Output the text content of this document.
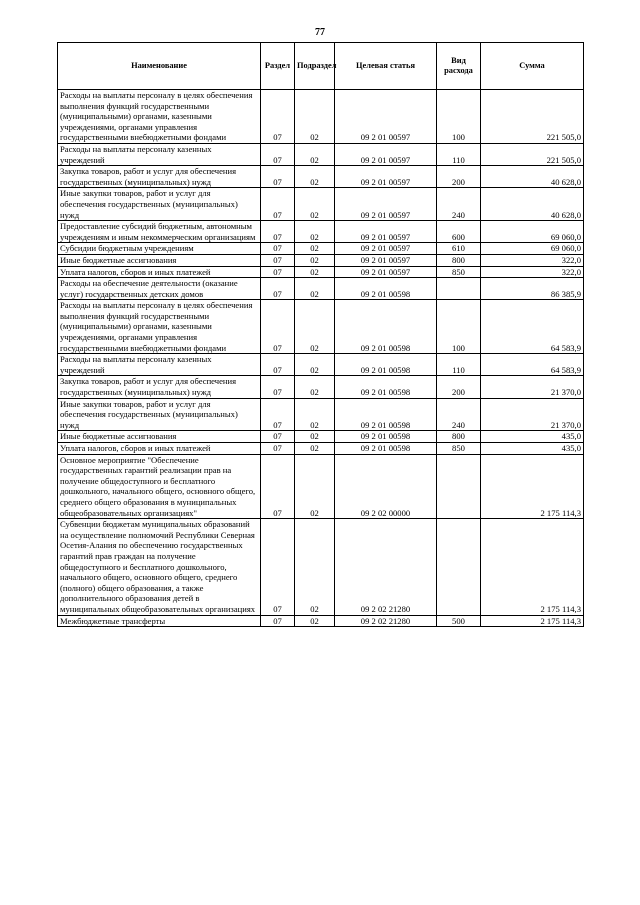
77
Наименование	Раздел	Подраздел	Целевая статья	Вид расхода	Сумма
Расходы на выплаты персоналу в целях обеспечения выполнения функций государственными (муниципальными) органами, казенными учреждениями, органами управления государственными внебюджетными фондами	07	02	09 2 01 00597	100	221 505,0
Расходы на выплаты персоналу казенных учреждений	07	02	09 2 01 00597	110	221 505,0
Закупка товаров, работ и услуг для обеспечения государственных (муниципальных) нужд	07	02	09 2 01 00597	200	40 628,0
Иные закупки товаров, работ и услуг для обеспечения государственных (муниципальных) нужд	07	02	09 2 01 00597	240	40 628,0
Предоставление субсидий бюджетным, автономным учреждениям и иным некоммерческим организациям	07	02	09 2 01 00597	600	69 060,0
Субсидии бюджетным учреждениям	07	02	09 2 01 00597	610	69 060,0
Иные бюджетные ассигнования	07	02	09 2 01 00597	800	322,0
Уплата налогов, сборов и иных платежей	07	02	09 2 01 00597	850	322,0
Расходы на обеспечение деятельности (оказание услуг) государственных детских домов	07	02	09 2 01 00598		86 385,9
Расходы на выплаты персоналу в целях обеспечения выполнения функций государственными (муниципальными) органами, казенными учреждениями, органами управления государственными внебюджетными фондами	07	02	09 2 01 00598	100	64 583,9
Расходы на выплаты персоналу казенных учреждений	07	02	09 2 01 00598	110	64 583,9
Закупка товаров, работ и услуг для обеспечения государственных (муниципальных) нужд	07	02	09 2 01 00598	200	21 370,0
Иные закупки товаров, работ и услуг для обеспечения государственных (муниципальных) нужд	07	02	09 2 01 00598	240	21 370,0
Иные бюджетные ассигнования	07	02	09 2 01 00598	800	435,0
Уплата налогов, сборов и иных платежей	07	02	09 2 01 00598	850	435,0
Основное мероприятие "Обеспечение государственных гарантий реализации прав на получение общедоступного и бесплатного дошкольного, начального общего, основного общего, среднего общего образования в муниципальных общеобразовательных организациях"	07	02	09 2 02 00000		2 175 114,3
Субвенции бюджетам муниципальных образований на осуществление полномочий Республики Северная Осетия-Алания по обеспечению государственных гарантий прав граждан на получение общедоступного и бесплатного дошкольного, начального общего, основного общего, среднего (полного) общего образования, а также дополнительного образования детей в муниципальных общеобразовательных организациях	07	02	09 2 02 21280		2 175 114,3
Межбюджетные трансферты	07	02	09 2 02 21280	500	2 175 114,3
